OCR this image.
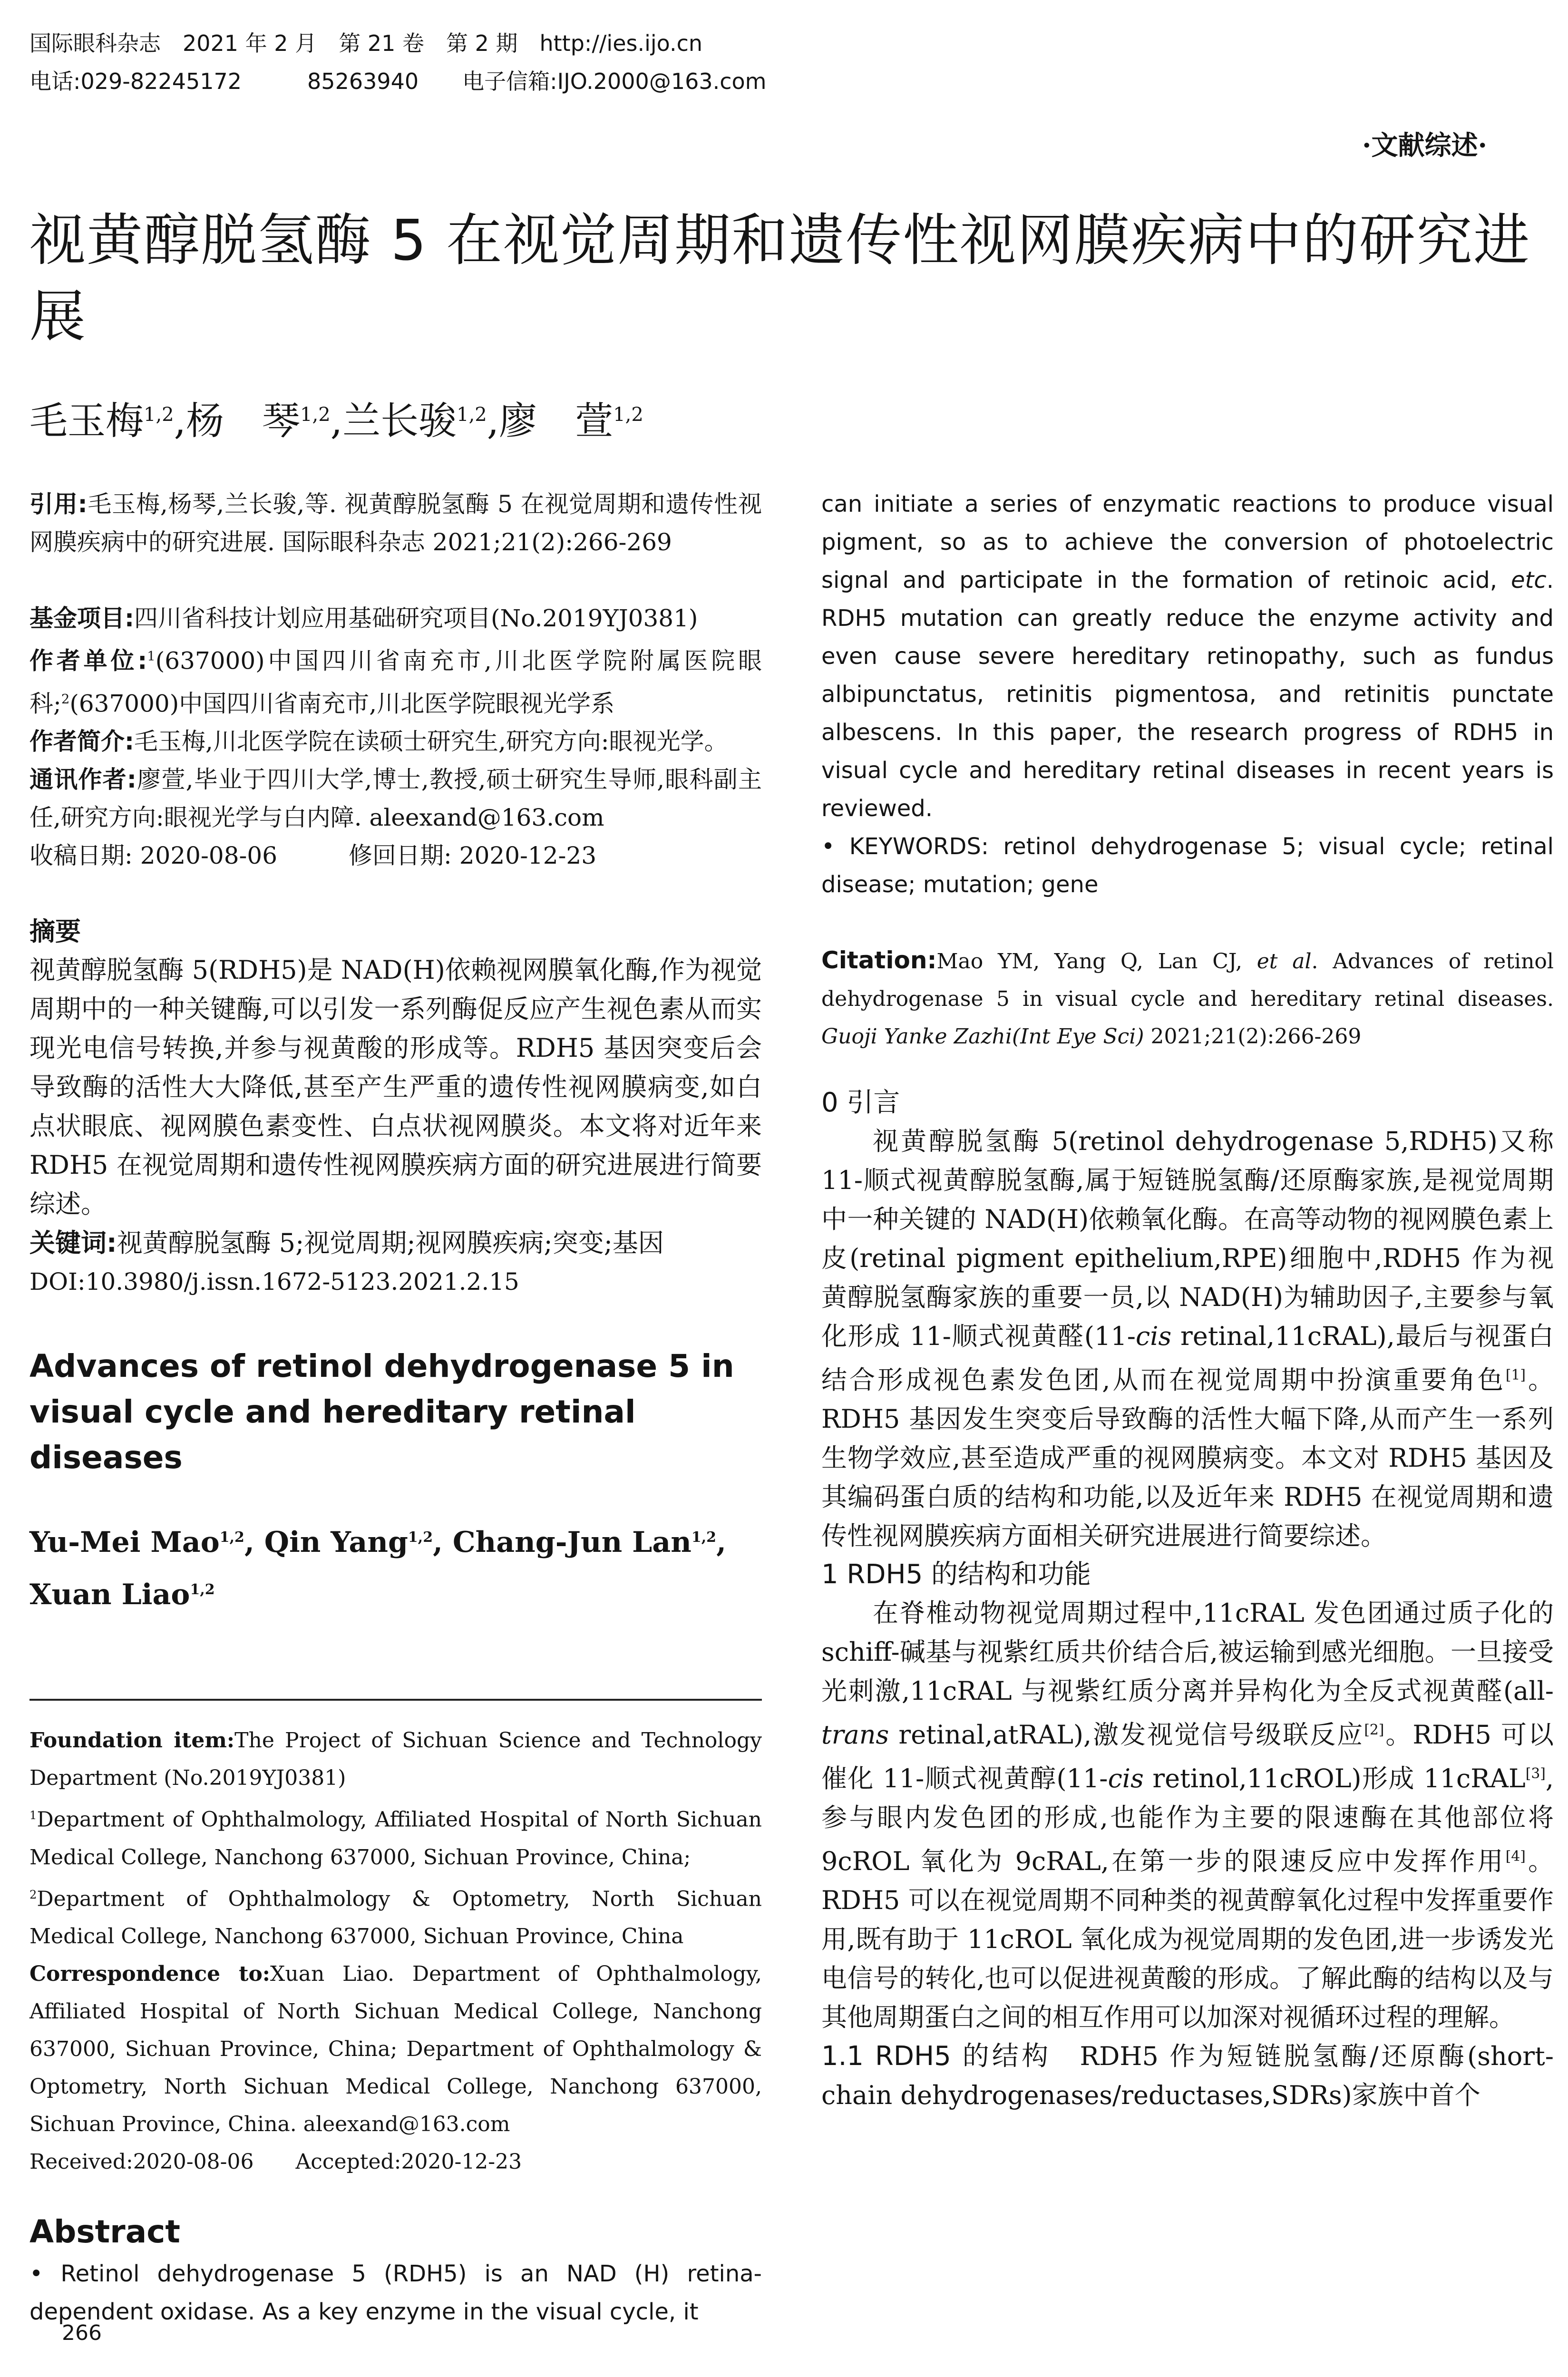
国际眼科杂志　2021 年 2 月　第 21 卷　第 2 期　http://ies.ijo.cn
电话:029-82245172　　　85263940　　电子信箱:IJO.2000@163.com
·文献综述·
视黄醇脱氢酶 5 在视觉周期和遗传性视网膜疾病中的研究进展
毛玉梅$^{1,2}$,杨　琴$^{1,2}$,兰长骏$^{1,2}$,廖　萱$^{1,2}$

引用:毛玉梅,杨琴,兰长骏,等. 视黄醇脱氢酶 5 在视觉周期和遗传性视网膜疾病中的研究进展. 国际眼科杂志 2021;21(2):266-269

基金项目:四川省科技计划应用基础研究项目(No.2019YJ0381)

作者单位:$^1$(637000)中国四川省南充市,川北医学院附属医院眼科;$^2$(637000)中国四川省南充市,川北医学院眼视光学系

作者简介:毛玉梅,川北医学院在读硕士研究生,研究方向:眼视光学。

通讯作者:廖萱,毕业于四川大学,博士,教授,硕士研究生导师,眼科副主任,研究方向:眼视光学与白内障. aleexand@163.com

收稿日期: 2020-08-06　　　修回日期: 2020-12-23

摘要

视黄醇脱氢酶 5(RDH5)是 NAD(H)依赖视网膜氧化酶,作为视觉周期中的一种关键酶,可以引发一系列酶促反应产生视色素从而实现光电信号转换,并参与视黄酸的形成等。RDH5 基因突变后会导致酶的活性大大降低,甚至产生严重的遗传性视网膜病变,如白点状眼底、视网膜色素变性、白点状视网膜炎。本文将对近年来 RDH5 在视觉周期和遗传性视网膜疾病方面的研究进展进行简要综述。

关键词:视黄醇脱氢酶 5;视觉周期;视网膜疾病;突变;基因

DOI:10.3980/j.issn.1672-5123.2021.2.15

Advances of retinol dehydrogenase 5 in visual cycle and hereditary retinal diseases

Yu-Mei Mao$^{1,2}$, Qin Yang$^{1,2}$, Chang-Jun Lan$^{1,2}$, Xuan Liao$^{1,2}$

Foundation item:The Project of Sichuan Science and Technology Department (No.2019YJ0381)

$^1$Department of Ophthalmology, Affiliated Hospital of North Sichuan Medical College, Nanchong 637000, Sichuan Province, China;

$^2$Department of Ophthalmology & Optometry, North Sichuan Medical College, Nanchong 637000, Sichuan Province, China

Correspondence to:Xuan Liao. Department of Ophthalmology, Affiliated Hospital of North Sichuan Medical College, Nanchong 637000, Sichuan Province, China; Department of Ophthalmology & Optometry, North Sichuan Medical College, Nanchong 637000, Sichuan Province, China. aleexand@163.com

Received:2020-08-06　　Accepted:2020-12-23

Abstract

• Retinol dehydrogenase 5 (RDH5) is an NAD (H) retina-dependent oxidase. As a key enzyme in the visual cycle, it

can initiate a series of enzymatic reactions to produce visual pigment, so as to achieve the conversion of photoelectric signal and participate in the formation of retinoic acid, etc. RDH5 mutation can greatly reduce the enzyme activity and even cause severe hereditary retinopathy, such as fundus albipunctatus, retinitis pigmentosa, and retinitis punctate albescens. In this paper, the research progress of RDH5 in visual cycle and hereditary retinal diseases in recent years is reviewed.

• KEYWORDS: retinol dehydrogenase 5; visual cycle; retinal disease; mutation; gene

Citation:Mao YM, Yang Q, Lan CJ, et al. Advances of retinol dehydrogenase 5 in visual cycle and hereditary retinal diseases. Guoji Yanke Zazhi(Int Eye Sci) 2021;21(2):266-269

0 引言

视黄醇脱氢酶 5(retinol dehydrogenase 5,RDH5)又称 11-顺式视黄醇脱氢酶,属于短链脱氢酶/还原酶家族,是视觉周期中一种关键的 NAD(H)依赖氧化酶。在高等动物的视网膜色素上皮(retinal pigment epithelium,RPE)细胞中,RDH5 作为视黄醇脱氢酶家族的重要一员,以 NAD(H)为辅助因子,主要参与氧化形成 11-顺式视黄醛(11-cis retinal,11cRAL),最后与视蛋白结合形成视色素发色团,从而在视觉周期中扮演重要角色[1]。RDH5 基因发生突变后导致酶的活性大幅下降,从而产生一系列生物学效应,甚至造成严重的视网膜病变。本文对 RDH5 基因及其编码蛋白质的结构和功能,以及近年来 RDH5 在视觉周期和遗传性视网膜疾病方面相关研究进展进行简要综述。

1 RDH5 的结构和功能

在脊椎动物视觉周期过程中,11cRAL 发色团通过质子化的 schiff-碱基与视紫红质共价结合后,被运输到感光细胞。一旦接受光刺激,11cRAL 与视紫红质分离并异构化为全反式视黄醛(all-trans retinal,atRAL),激发视觉信号级联反应[2]。RDH5 可以催化 11-顺式视黄醇(11-cis retinol,11cROL)形成 11cRAL[3],参与眼内发色团的形成,也能作为主要的限速酶在其他部位将 9cROL 氧化为 9cRAL,在第一步的限速反应中发挥作用[4]。RDH5 可以在视觉周期不同种类的视黄醇氧化过程中发挥重要作用,既有助于 11cROL 氧化成为视觉周期的发色团,进一步诱发光电信号的转化,也可以促进视黄酸的形成。了解此酶的结构以及与其他周期蛋白之间的相互作用可以加深对视循环过程的理解。

1.1 RDH5 的结构　 RDH5 作为短链脱氢酶/还原酶(short-chain dehydrogenases/reductases,SDRs)家族中首个

266
